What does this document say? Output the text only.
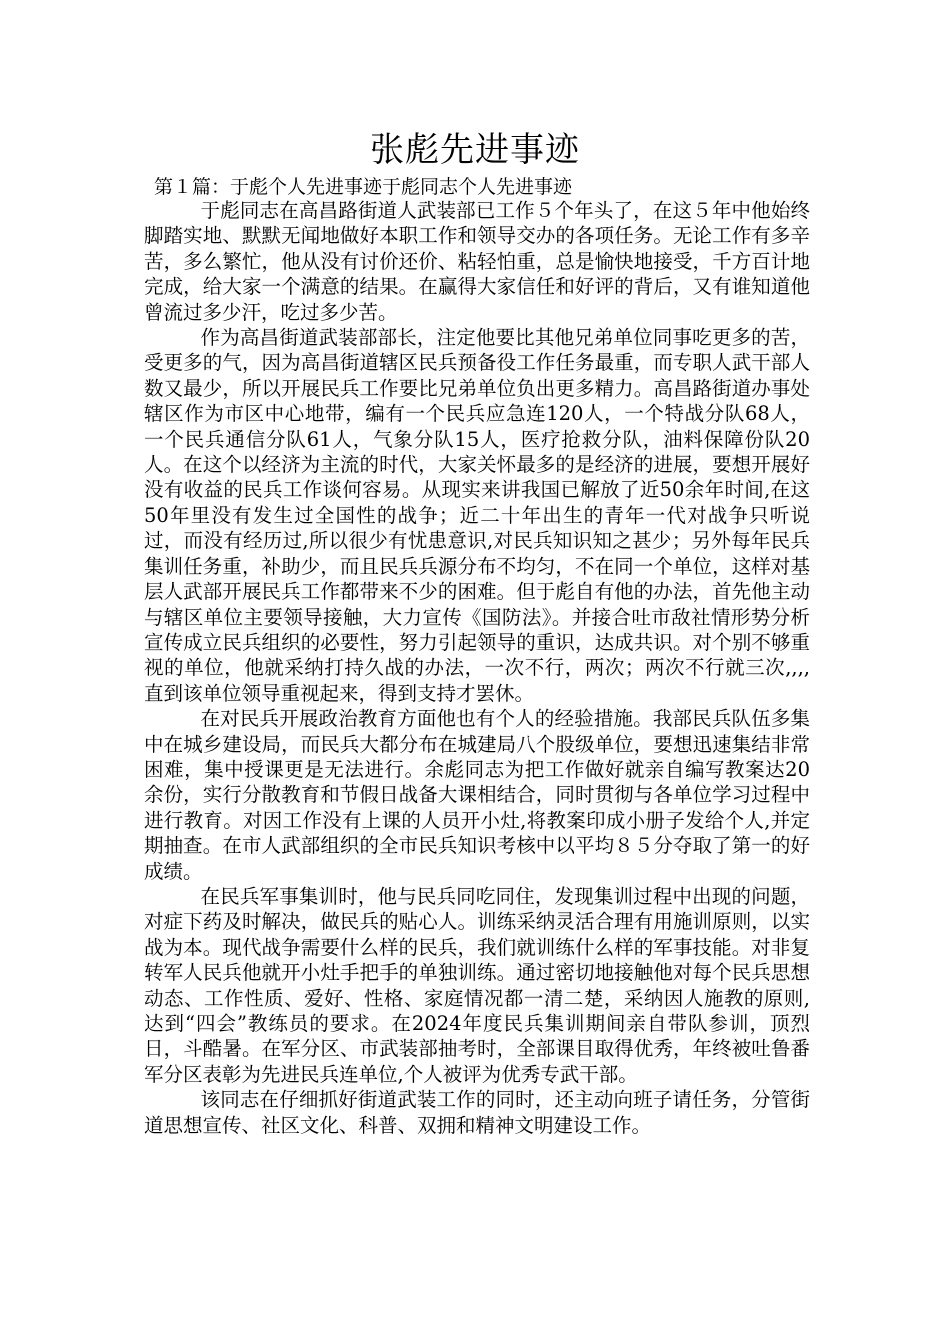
张彪先进事迹

第１篇：于彪个人先进事迹于彪同志个人先进事迹

于彪同志在高昌路街道人武装部已工作５个年头了，在这５年中他始终脚踏实地、默默无闻地做好本职工作和领导交办的各项任务。无论工作有多辛苦，多么繁忙，他从没有讨价还价、粘轻怕重，总是愉快地接受，千方百计地完成，给大家一个满意的结果。在赢得大家信任和好评的背后，又有谁知道他曾流过多少汗，吃过多少苦。

作为高昌街道武装部部长，注定他要比其他兄弟单位同事吃更多的苦，受更多的气，因为高昌街道辖区民兵预备役工作任务最重，而专职人武干部人数又最少，所以开展民兵工作要比兄弟单位负出更多精力。高昌路街道办事处辖区作为市区中心地带，编有一个民兵应急连120人，一个特战分队68人，一个民兵通信分队61人，气象分队15人，医疗抢救分队，油料保障份队20人。在这个以经济为主流的时代，大家关怀最多的是经济的进展，要想开展好没有收益的民兵工作谈何容易。从现实来讲我国已解放了近50余年时间,在这50年里没有发生过全国性的战争；近二十年出生的青年一代对战争只听说过，而没有经历过,所以很少有忧患意识,对民兵知识知之甚少；另外每年民兵集训任务重，补助少，而且民兵兵源分布不均匀，不在同一个单位，这样对基层人武部开展民兵工作都带来不少的困难。但于彪自有他的办法，首先他主动与辖区单位主要领导接触，大力宣传《国防法》。并接合吐市敌社情形势分析宣传成立民兵组织的必要性，努力引起领导的重识，达成共识。对个别不够重视的单位，他就采纳打持久战的办法，一次不行，两次；两次不行就三次,,,,直到该单位领导重视起来，得到支持才罢休。

在对民兵开展政治教育方面他也有个人的经验措施。我部民兵队伍多集中在城乡建设局，而民兵大都分布在城建局八个股级单位，要想迅速集结非常困难，集中授课更是无法进行。余彪同志为把工作做好就亲自编写教案达20余份，实行分散教育和节假日战备大课相结合，同时贯彻与各单位学习过程中进行教育。对因工作没有上课的人员开小灶,将教案印成小册子发给个人,并定期抽查。在市人武部组织的全市民兵知识考核中以平均８５分夺取了第一的好成绩。

在民兵军事集训时，他与民兵同吃同住，发现集训过程中出现的问题，对症下药及时解决，做民兵的贴心人。训练采纳灵活合理有用施训原则，以实战为本。现代战争需要什么样的民兵，我们就训练什么样的军事技能。对非复转军人民兵他就开小灶手把手的单独训练。通过密切地接触他对每个民兵思想动态、工作性质、爱好、性格、家庭情况都一清二楚，采纳因人施教的原则,达到“四会”教练员的要求。在2024年度民兵集训期间亲自带队参训，顶烈日，斗酷暑。在军分区、市武装部抽考时，全部课目取得优秀，年终被吐鲁番军分区表彰为先进民兵连单位,个人被评为优秀专武干部。

该同志在仔细抓好街道武装工作的同时，还主动向班子请任务，分管街道思想宣传、社区文化、科普、双拥和精神文明建设工作。
